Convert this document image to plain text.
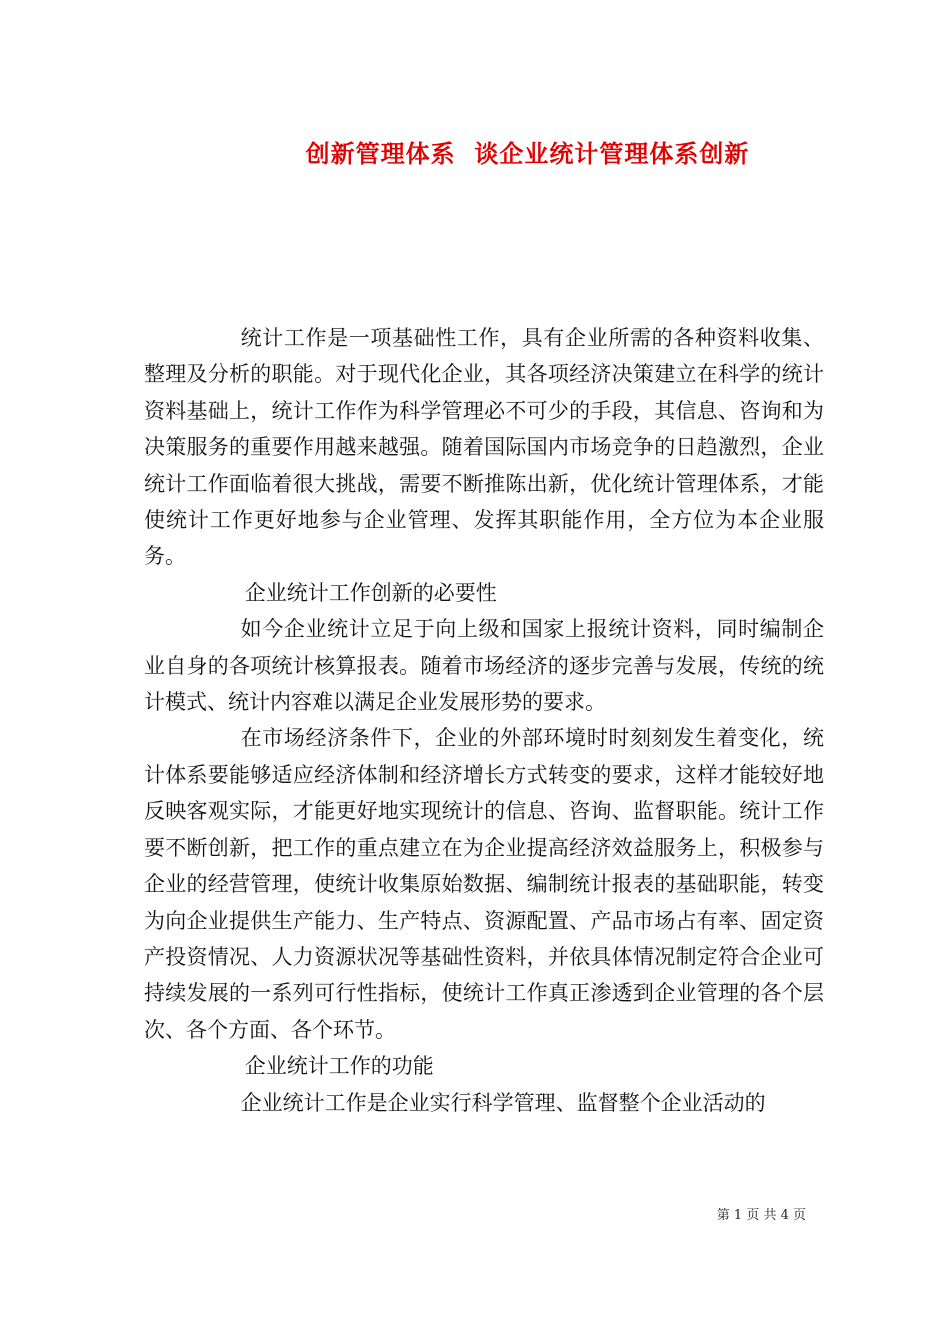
创新管理体系  谈企业统计管理体系创新

统计工作是一项基础性工作，具有企业所需的各种资料收集、整理及分析的职能。对于现代化企业，其各项经济决策建立在科学的统计资料基础上，统计工作作为科学管理必不可少的手段，其信息、咨询和为决策服务的重要作用越来越强。随着国际国内市场竞争的日趋激烈，企业统计工作面临着很大挑战，需要不断推陈出新，优化统计管理体系，才能使统计工作更好地参与企业管理、发挥其职能作用，全方位为本企业服务。

企业统计工作创新的必要性

如今企业统计立足于向上级和国家上报统计资料，同时编制企业自身的各项统计核算报表。随着市场经济的逐步完善与发展，传统的统计模式、统计内容难以满足企业发展形势的要求。

在市场经济条件下，企业的外部环境时时刻刻发生着变化，统计体系要能够适应经济体制和经济增长方式转变的要求，这样才能较好地反映客观实际，才能更好地实现统计的信息、咨询、监督职能。统计工作要不断创新，把工作的重点建立在为企业提高经济效益服务上，积极参与企业的经营管理，使统计收集原始数据、编制统计报表的基础职能，转变为向企业提供生产能力、生产特点、资源配置、产品市场占有率、固定资产投资情况、人力资源状况等基础性资料，并依具体情况制定符合企业可持续发展的一系列可行性指标，使统计工作真正渗透到企业管理的各个层次、各个方面、各个环节。

企业统计工作的功能

企业统计工作是企业实行科学管理、监督整个企业活动的

第 1 页 共 4 页
